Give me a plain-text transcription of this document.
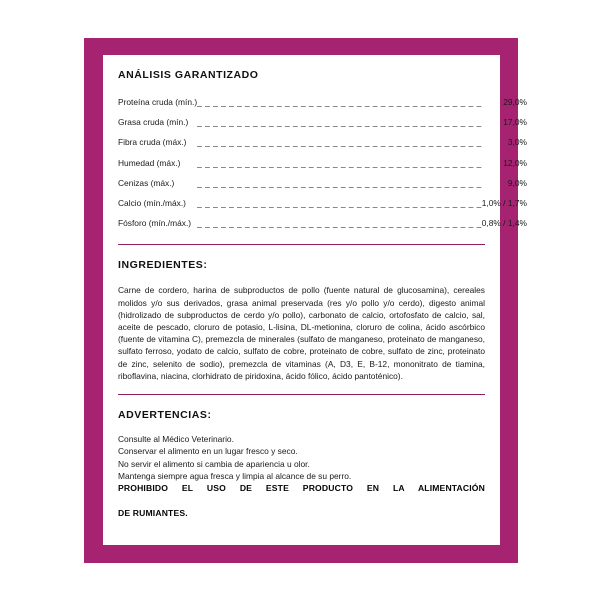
ANÁLISIS GARANTIZADO
Proteína cruda (mín.)	_ _ _ _ _ _ _ _ _ _ _ _ _ _ _ _ _ _ _ _ _ _ _ _ _ _ _ _ _ _ _ _ _ _ _ _	29,0%
Grasa cruda (mín.)	_ _ _ _ _ _ _ _ _ _ _ _ _ _ _ _ _ _ _ _ _ _ _ _ _ _ _ _ _ _ _ _ _ _ _ _	17,0%
Fibra cruda (máx.)	_ _ _ _ _ _ _ _ _ _ _ _ _ _ _ _ _ _ _ _ _ _ _ _ _ _ _ _ _ _ _ _ _ _ _ _	3,0%
Humedad (máx.)	_ _ _ _ _ _ _ _ _ _ _ _ _ _ _ _ _ _ _ _ _ _ _ _ _ _ _ _ _ _ _ _ _ _ _ _	12,0%
Cenizas (máx.)	_ _ _ _ _ _ _ _ _ _ _ _ _ _ _ _ _ _ _ _ _ _ _ _ _ _ _ _ _ _ _ _ _ _ _ _	9,0%
Calcio (mín./máx.)	_ _ _ _ _ _ _ _ _ _ _ _ _ _ _ _ _ _ _ _ _ _ _ _ _ _ _ _ _ _ _ _ _ _ _ _	1,0% / 1,7%
Fósforo (mín./máx.)	_ _ _ _ _ _ _ _ _ _ _ _ _ _ _ _ _ _ _ _ _ _ _ _ _ _ _ _ _ _ _ _ _ _ _ _	0,8% / 1,4%
INGREDIENTES:

Carne de cordero, harina de subproductos de pollo (fuente natural de glucosamina), cereales molidos y/o sus derivados, grasa animal preservada (res y/o pollo y/o cerdo), digesto animal (hidrolizado de subproductos de cerdo y/o pollo), carbonato de calcio, ortofosfato de calcio, sal, aceite de pescado, cloruro de potasio, L-lisina, DL-metionina, cloruro de colina, ácido ascórbico (fuente de vitamina C), premezcla de minerales (sulfato de manganeso, proteinato de manganeso, sulfato ferroso, yodato de calcio, sulfato de cobre, proteinato de cobre, sulfato de zinc, proteinato de zinc, selenito de sodio), premezcla de vitaminas (A, D3, E, B-12, mononitrato de tiamina, riboflavina, niacina, clorhidrato de piridoxina, ácido fólico, ácido pantoténico).

ADVERTENCIAS:

Consulte al Médico Veterinario.

Conservar el alimento en un lugar fresco y seco.

No servir el alimento si cambia de apariencia u olor.

Mantenga siempre agua fresca y limpia al alcance de su perro.

PROHIBIDO EL USO DE ESTE PRODUCTO EN LA ALIMENTACIÓN
DE RUMIANTES.
